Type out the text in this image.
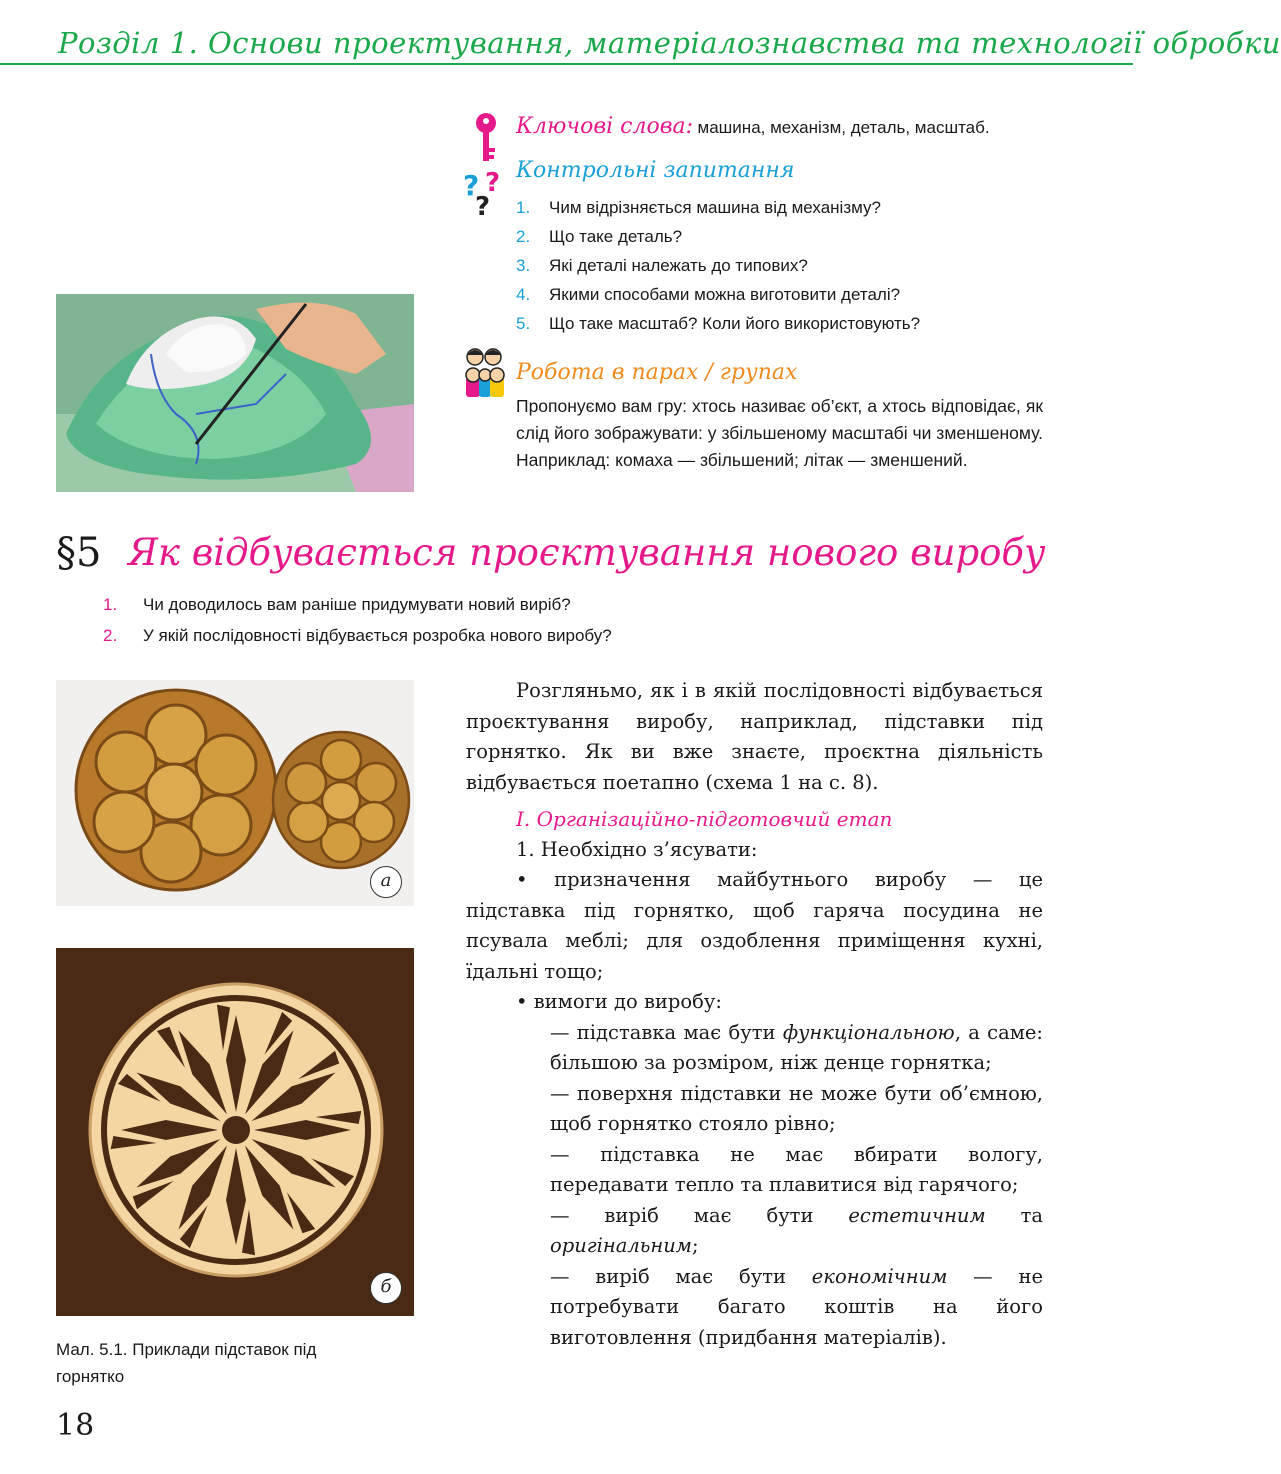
Розділ 1. Основи проектування, матеріалознавства та технології обробки
Ключові слова: машина, механізм, деталь, масштаб.
? ?
?
Контрольні запитання
1. Чим відрізняється машина від механізму?
2. Що таке деталь?
3. Які деталі належать до типових?
4. Якими способами можна виготовити деталі?
5. Що таке масштаб? Коли його використовують?
Робота в парах / групах
Пропонуємо вам гру: хтось називає об’єкт, а хтось відповідає, як слід його зображувати: у збільшеному масштабі чи зменшеному. Наприклад: комаха — збільшений; літак — зменшений.
§5 Як відбувається проєктування нового виробу
1. Чи доводилось вам раніше придумувати новий виріб?
2. У якій послідовності відбувається розробка нового виробу?
а
б
Мал. 5.1. Приклади підставок під горнятко
18

Розгляньмо, як і в якій послідовності відбувається проєктування виробу, наприклад, підставки під горнятко. Як ви вже знаєте, проєктна діяльність відбувається поетапно (схема 1 на с. 8).

І. Організаційно-підготовчий етап

1. Необхідно з’ясувати:

• призначення майбутнього виробу — це підставка під горнятко, щоб гаряча посудина не псувала меблі; для оздоблення приміщення кухні, їдальні тощо;

• вимоги до виробу:

— підставка має бути функціональною, а саме: більшою за розміром, ніж денце горнятка;

— поверхня підставки не може бути об’ємною, щоб горнятко стояло рівно;

— підставка не має вбирати вологу, передавати тепло та плавитися від гарячого;

— виріб має бути естетичним та оригінальним;

— виріб має бути економічним — не потребувати багато коштів на його виготовлення (придбання матеріалів).
